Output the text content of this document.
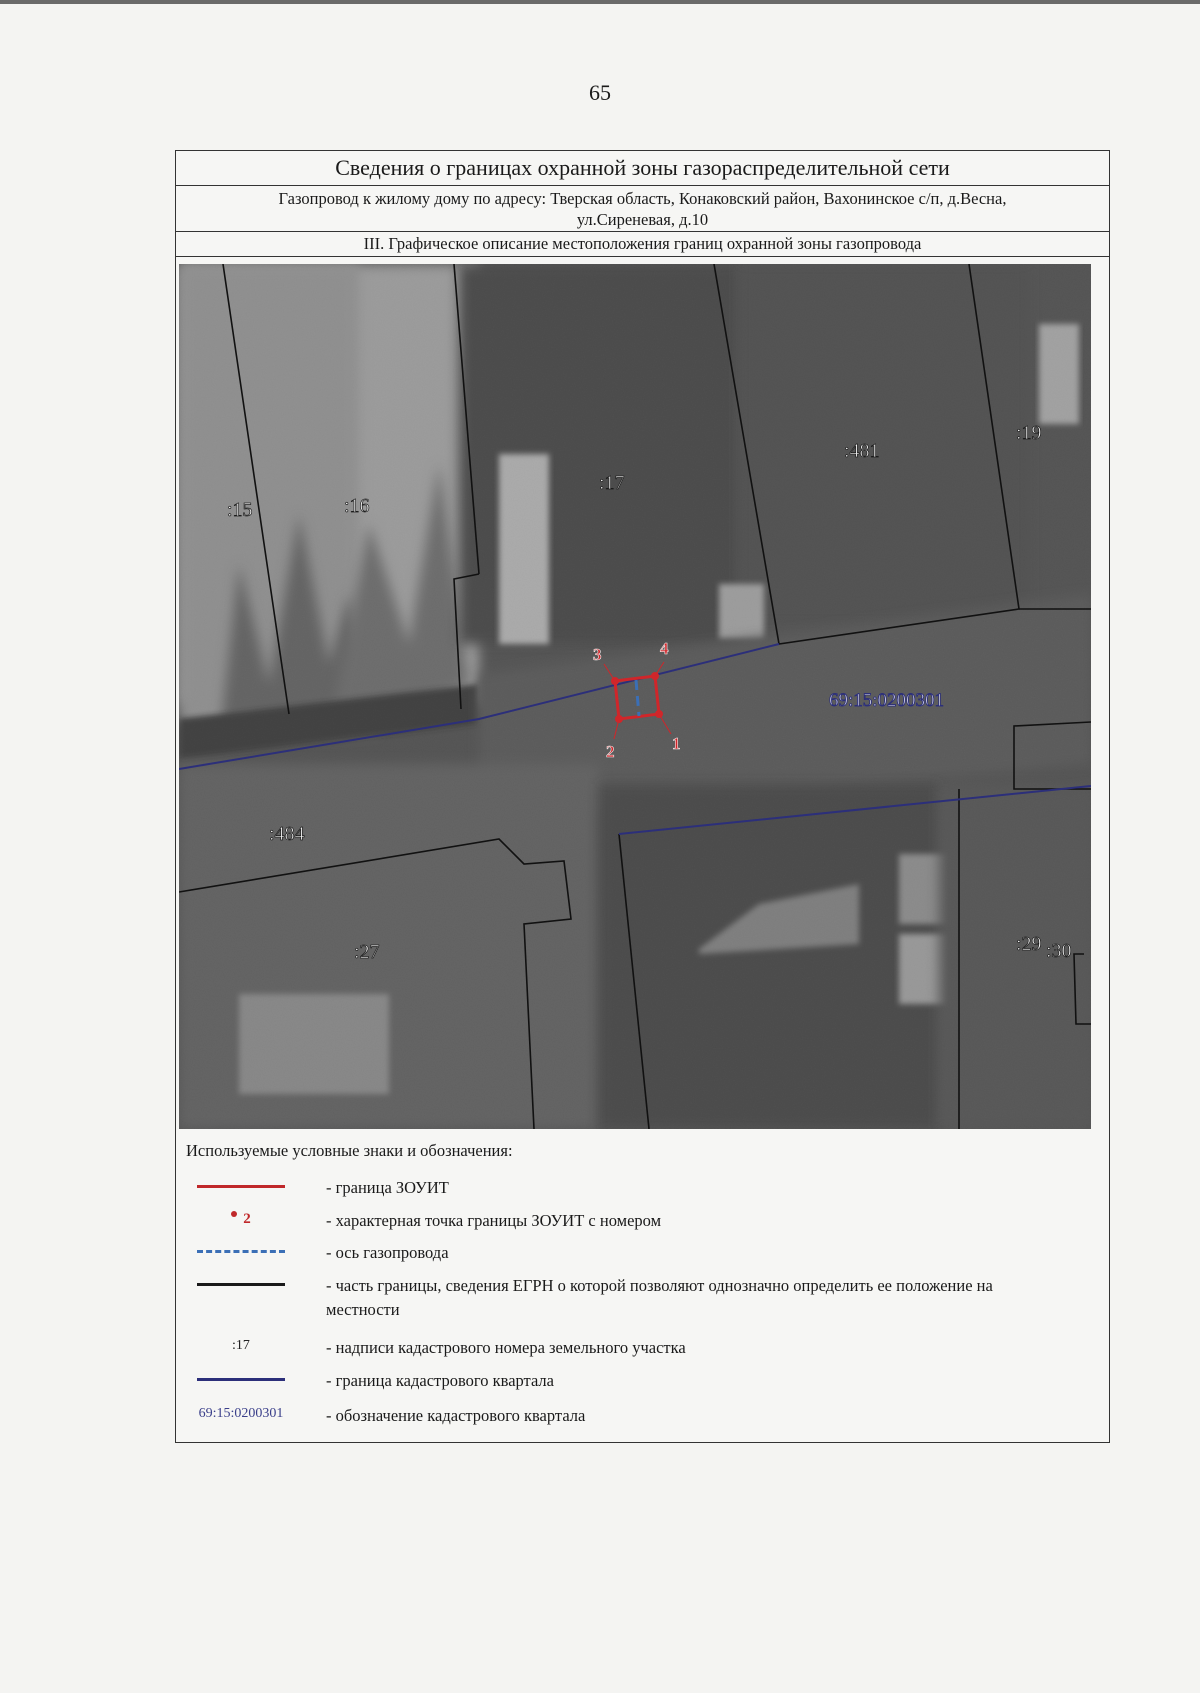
65
Сведения о границах охранной зоны газораспределительной сети
Газопровод к жилому дому по адресу: Тверская область, Конаковский район, Вахонинское с/п, д.Весна,
ул.Сиреневая, д.10
III. Графическое описание местоположения границ охранной зоны газопровода
1
2
3	4
:15	:16
:17
:481
:19
:484
:27	:29 :30
69:15:0200301
Используемые условные знаки и обозначения:
- граница ЗОУИТ
2	- характерная точка границы ЗОУИТ с номером
- ось газопровода
- часть границы, сведения ЕГРН о которой позволяют однозначно определить ее положение на местности
:17	- надписи кадастрового номера земельного участка
- граница кадастрового квартала
69:15:0200301	- обозначение кадастрового квартала
